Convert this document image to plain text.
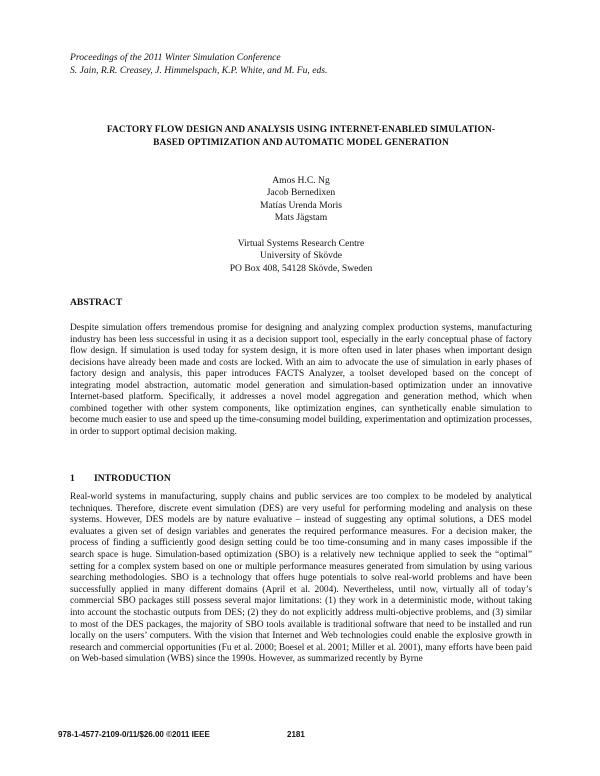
Proceedings of the 2011 Winter Simulation Conference
S. Jain, R.R. Creasey, J. Himmelspach, K.P. White, and M. Fu, eds.
FACTORY FLOW DESIGN AND ANALYSIS USING INTERNET-ENABLED SIMULATION-
BASED OPTIMIZATION AND AUTOMATIC MODEL GENERATION
Amos H.C. Ng
Jacob Bernedixen
Matías Urenda Moris
Mats Jägstam
Virtual Systems Research Centre
University of Skövde
PO Box 408, 54128 Skövde, Sweden
ABSTRACT
Despite simulation offers tremendous promise for designing and analyzing complex production systems, manufacturing industry has been less successful in using it as a decision support tool, especially in the early conceptual phase of factory flow design. If simulation is used today for system design, it is more often used in later phases when important design decisions have already been made and costs are locked. With an aim to advocate the use of simulation in early phases of factory design and analysis, this paper introduces FACTS Analyzer, a toolset developed based on the concept of integrating model abstraction, automatic model generation and simulation-based optimization under an innovative Internet-based platform. Specifically, it addresses a novel model aggregation and generation method, which when combined together with other system components, like optimization engines, can synthetically enable simulation to become much easier to use and speed up the time-consuming model building, experimentation and optimization processes, in order to support optimal decision making.
1 INTRODUCTION
Real-world systems in manufacturing, supply chains and public services are too complex to be modeled by analytical techniques. Therefore, discrete event simulation (DES) are very useful for performing modeling and analysis on these systems. However, DES models are by nature evaluative – instead of suggesting any optimal solutions, a DES model evaluates a given set of design variables and generates the required performance measures. For a decision maker, the process of finding a sufficiently good design setting could be too time-consuming and in many cases impossible if the search space is huge. Simulation-based optimization (SBO) is a relatively new technique applied to seek the “optimal” setting for a complex system based on one or multiple performance measures generated from simulation by using various searching methodologies. SBO is a technology that offers huge potentials to solve real-world problems and have been successfully applied in many different domains (April et al. 2004). Nevertheless, until now, virtually all of today’s commercial SBO packages still possess several major limitations: (1) they work in a deterministic mode, without taking into account the stochastic outputs from DES; (2) they do not explicitly address multi-objective problems, and (3) similar to most of the DES packages, the majority of SBO tools available is traditional software that need to be installed and run locally on the users’ computers. With the vision that Internet and Web technologies could enable the explosive growth in research and commercial opportunities (Fu et al. 2000; Boesel et al. 2001; Miller et al. 2001), many efforts have been paid on Web-based simulation (WBS) since the 1990s. However, as summarized recently by Byrne
978-1-4577-2109-0/11/$26.00 ©2011 IEEE	2181
